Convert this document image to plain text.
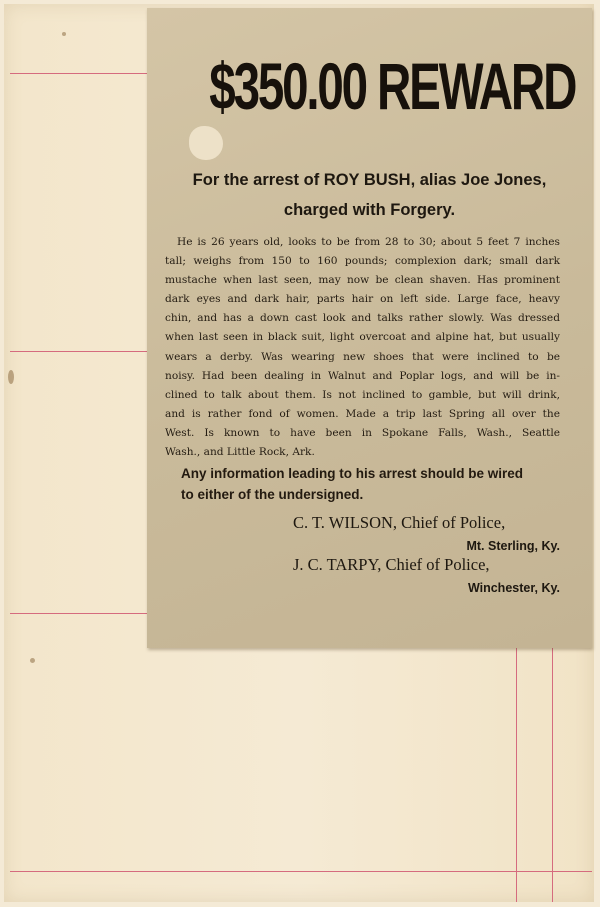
$350.00 REWARD
For the arrest of ROY BUSH, alias Joe Jones,
charged with Forgery.
He is 26 years old, looks to be from 28 to 30; about 5 feet 7 inches
tall; weighs from 150 to 160 pounds; complexion dark; small dark
mustache when last seen, may now be clean shaven. Has prominent
dark eyes and dark hair, parts hair on left side. Large face, heavy
chin, and has a down cast look and talks rather slowly. Was dressed
when last seen in black suit, light overcoat and alpine hat, but usually
wears a derby. Was wearing new shoes that were inclined to be
noisy. Had been dealing in Walnut and Poplar logs, and will be in-
clined to talk about them. Is not inclined to gamble, but will drink,
and is rather fond of women. Made a trip last Spring all over the
West. Is known to have been in Spokane Falls, Wash., Seattle
Wash., and Little Rock, Ark.
Any information leading to his arrest should be wired
to either of the undersigned.
C. T. WILSON, Chief of Police,
Mt. Sterling, Ky.
J. C. TARPY, Chief of Police,
Winchester, Ky.
